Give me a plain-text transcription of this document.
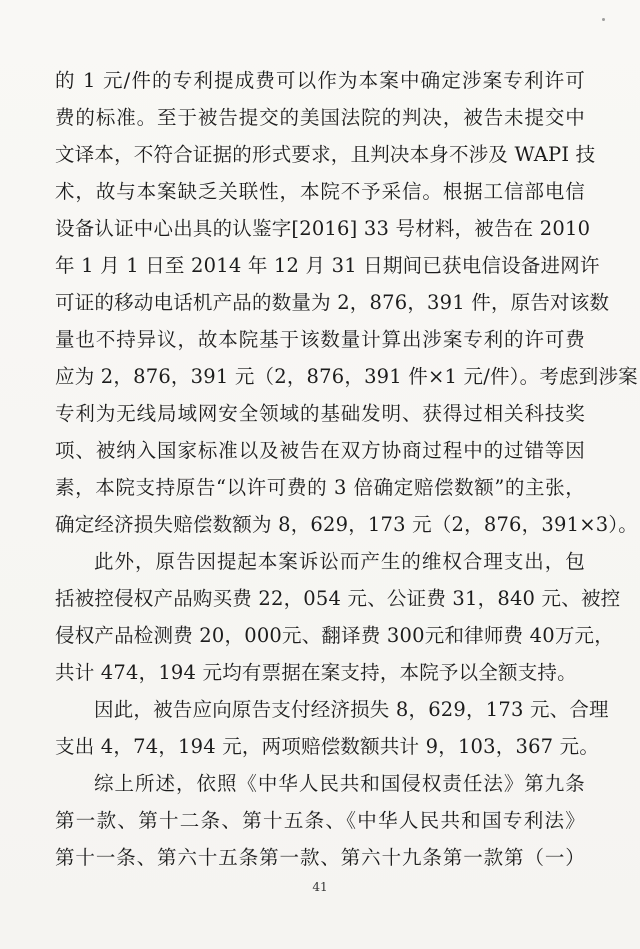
的 1 元/件的专利提成费可以作为本案中确定涉案专利许可
费的标准。至于被告提交的美国法院的判决，被告未提交中
文译本，不符合证据的形式要求，且判决本身不涉及 WAPI 技
术，故与本案缺乏关联性，本院不予采信。根据工信部电信
设备认证中心出具的认鉴字[2016] 33 号材料，被告在 2010
年 1 月 1 日至 2014 年 12 月 31 日期间已获电信设备进网许
可证的移动电话机产品的数量为 2，876，391 件，原告对该数
量也不持异议，故本院基于该数量计算出涉案专利的许可费
应为 2，876，391 元（2，876，391 件×1 元/件）。考虑到涉案
专利为无线局域网安全领域的基础发明、获得过相关科技奖
项、被纳入国家标准以及被告在双方协商过程中的过错等因
素，本院支持原告“以许可费的 3 倍确定赔偿数额”的主张，
确定经济损失赔偿数额为 8，629，173 元（2，876，391×3）。
此外，原告因提起本案诉讼而产生的维权合理支出，包
括被控侵权产品购买费 22，054 元、公证费 31，840 元、被控
侵权产品检测费 20，000元、翻译费 300元和律师费 40万元，
共计 474，194 元均有票据在案支持，本院予以全额支持。
因此，被告应向原告支付经济损失 8，629，173 元、合理
支出 4，74，194 元，两项赔偿数额共计 9，103，367 元。
综上所述，依照《中华人民共和国侵权责任法》第九条
第一款、第十二条、第十五条、《中华人民共和国专利法》
第十一条、第六十五条第一款、第六十九条第一款第（一）
41
